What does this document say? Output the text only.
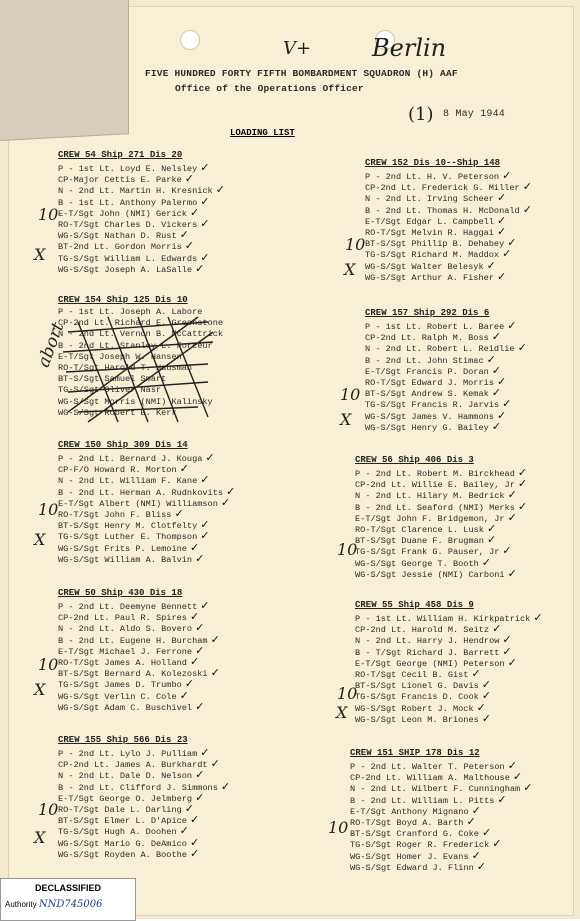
V+	Berlin
FIVE HUNDRED FORTY FIFTH BOMBARDMENT SQUADRON (H) AAF
Office of the Operations Officer
(1) 8 May 1944
LOADING LIST
CREW 54 Ship 271 Dis 20
P - 1st Lt. Loyd E. Nelsley ✓
CP-Major Cettis E. Parke ✓
N - 2nd Lt. Martin H. Kresnick ✓
B - 1st Lt. Anthony Palermo ✓
E-T/Sgt John (NMI) Gerick ✓
RO-T/Sgt Charles D. Vickers ✓
WG-S/Sgt Nathan D. Rust ✓
BT-2nd Lt. Gordon Morris ✓
TG-S/Sgt William L. Edwards ✓
WG-S/Sgt Joseph A. LaSalle ✓
CREW 154 Ship 125 Dis 10
P - 1st Lt. Joseph A. Labore
CP-2nd Lt. Richard E. Greenstone
N - 2nd Lt. Vernon B. McCattrick
B - 2nd Lt. Stanley L. Forceur
E-T/Sgt Joseph W. Hansen
RO-T/Sgt Harold T. Hausman
BT-S/Sgt Samuel Smart
TG-S/Sgt Oliver Nasr
WG-S/Sgt Morris (NMI) Kalinsky
WG-S/Sgt Robert E. Kerr
CREW 150 Ship 309 Dis 14
P - 2nd Lt. Bernard J. Kouga ✓
CP-F/O Howard R. Morton ✓
N - 2nd Lt. William F. Kane ✓
B - 2nd Lt. Herman A. Rudnkovits ✓
E-T/Sgt Albert (NMI) Williamson ✓
RO-T/Sgt John F. Bliss ✓
BT-S/Sgt Henry M. Clotfelty ✓
TG-S/Sgt Luther E. Thompson ✓
WG-S/Sgt Frits P. Lemoine ✓
WG-S/Sgt William A. Balvin ✓
CREW 50 Ship 430 Dis 18
P - 2nd Lt. Deemyne Bennett ✓
CP-2nd Lt. Paul R. Spires ✓
N - 2nd Lt. Aldo S. Bovero ✓
B - 2nd Lt. Eugene H. Burcham ✓
E-T/Sgt Michael J. Ferrone ✓
RO-T/Sgt James A. Holland ✓
BT-S/Sgt Bernard A. Kolezoski ✓
TG-S/Sgt James D. Trumbo ✓
WG-S/Sgt Verlin C. Cole ✓
WG-S/Sgt Adam C. Buschivel ✓
CREW 155 Ship 566 Dis 23
P - 2nd Lt. Lylo J. Pulliam ✓
CP-2nd Lt. James A. Burkhardt ✓
N - 2nd Lt. Dale D. Nelson ✓
B - 2nd Lt. Clifford J. Simmons ✓
E-T/Sgt George O. Jelmberg ✓
RO-T/Sgt Dale L. Darling ✓
BT-S/Sgt Elmer L. D'Apice ✓
TG-S/Sgt Hugh A. Doohen ✓
WG-S/Sgt Mario G. DeAmico ✓
WG-S/Sgt Royden A. Boothe ✓
CREW 152 Dis 10--Ship 148
P - 2nd Lt. H. V. Peterson ✓
CP-2nd Lt. Frederick G. Miller ✓
N - 2nd Lt. Irving Scheer ✓
B - 2nd Lt. Thomas H. McDonald ✓
E-T/Sgt Edgar L. Campbell ✓
RO-T/Sgt Melvin R. Haggai ✓
BT-S/Sgt Phillip B. Dehabey ✓
TG-S/Sgt Richard M. Maddox ✓
WG-S/Sgt Walter Belesyk ✓
WG-S/Sgt Arthur A. Fisher ✓
CREW 157 Ship 292 Dis 6
P - 1st Lt. Robert L. Baree ✓
CP-2nd Lt. Ralph M. Boss ✓
N - 2nd Lt. Robert L. Reidlie ✓
B - 2nd Lt. John Stimac ✓
E-T/Sgt Francis P. Doran ✓
RO-T/Sgt Edward J. Morris ✓
BT-S/Sgt Andrew S. Kemak ✓
TG-S/Sgt Francis R. Jarvis ✓
WG-S/Sgt James V. Hammons ✓
WG-S/Sgt Henry G. Bailey ✓
CREW 56 Ship 406 Dis 3
P - 2nd Lt. Robert M. Birckhead ✓
CP-2nd Lt. Willie E. Bailey, Jr ✓
N - 2nd Lt. Hilary M. Bedrick ✓
B - 2nd Lt. Seaford (NMI) Merks ✓
E-T/Sgt John F. Bridgemon, Jr ✓
RO-T/Sgt Clarence L. Lusk ✓
BT-S/Sgt Duane F. Brugman ✓
TG-S/Sgt Frank G. Pauser, Jr ✓
WG-S/Sgt George T. Booth ✓
WG-S/Sgt Jessie (NMI) Carboni ✓
CREW 55 Ship 458 Dis 9
P - 1st Lt. William H. Kirkpatrick ✓
CP-2nd Lt. Harold M. Seitz ✓
N - 2nd Lt. Harry J. Hendrow ✓
B - T/Sgt Richard J. Barrett ✓
E-T/Sgt George (NMI) Peterson ✓
RO-T/Sgt Cecil B. Gist ✓
BT-S/Sgt Lionel G. Davis ✓
TG-S/Sgt Francis D. Cook ✓
WG-S/Sgt Robert J. Mock ✓
WG-S/Sgt Leon M. Briones ✓
CREW 151 SHIP 178 Dis 12
P - 2nd Lt. Walter T. Peterson ✓
CP-2nd Lt. William A. Malthouse ✓
N - 2nd Lt. Wilbert F. Cunningham ✓
B - 2nd Lt. William L. Pitts ✓
E-T/Sgt Anthony Mignano ✓
RO-T/Sgt Boyd A. Barth ✓
BT-S/Sgt Cranford G. Coke ✓
TG-S/Sgt Roger R. Frederick ✓
WG-S/Sgt Homer J. Evans ✓
WG-S/Sgt Edward J. Flinn ✓
10
X
abort
10
X
10
X
10
X
10
X
10
X
10
10
X
10
DECLASSIFIED
Authority NND745006
